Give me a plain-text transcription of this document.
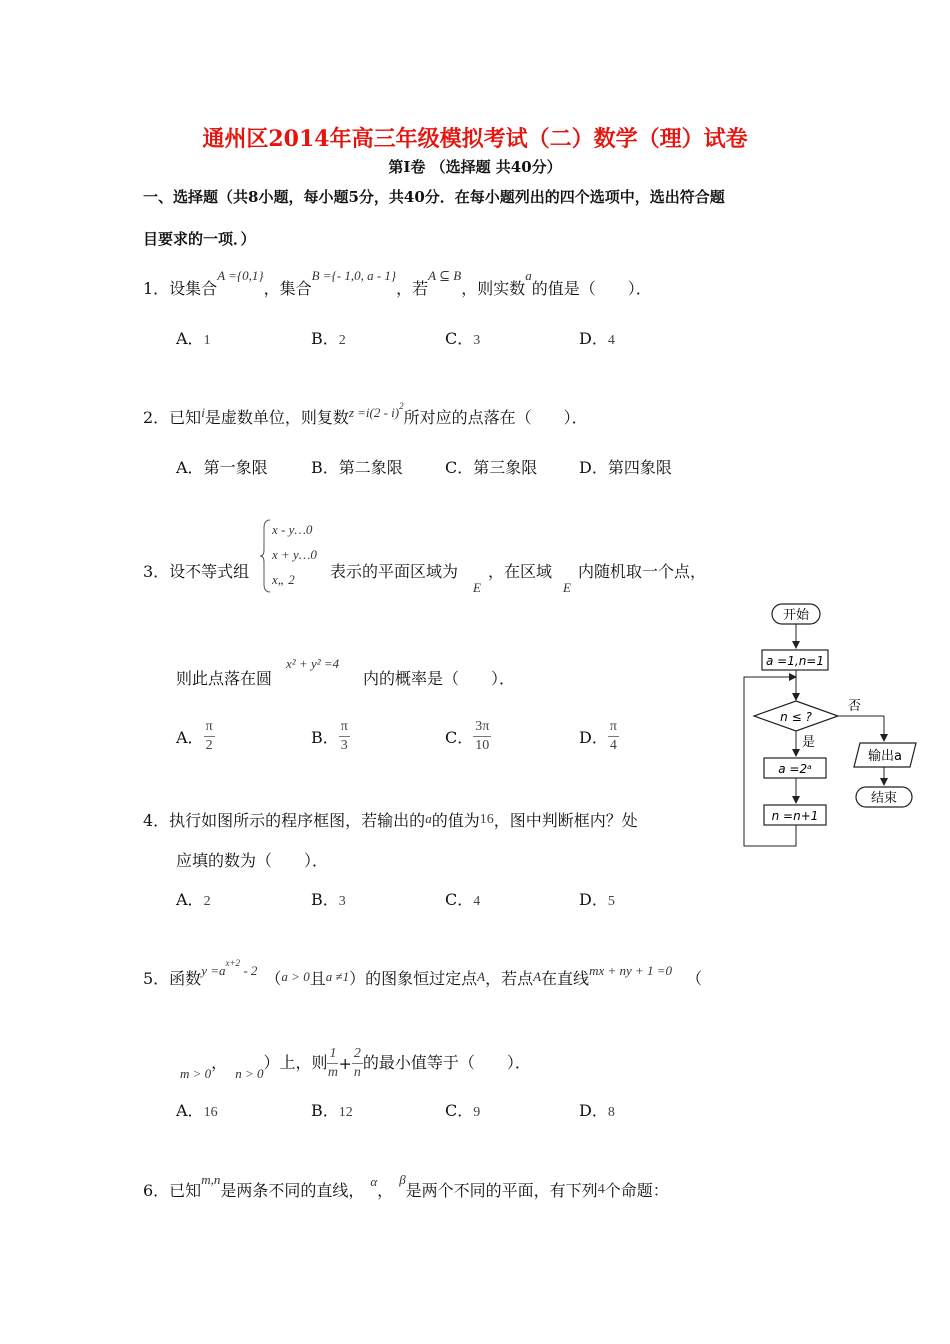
通州区2014年高三年级模拟考试（二）数学（理）试卷
第I卷 （选择题 共40分）
一、选择题（共8小题，每小题5分，共40分．在每小题列出的四个选项中，选出符合题
目要求的一项．）
1．设集合$^{A =\{0,1\}}$，集合$^{B =\{- 1,0, a - 1\}}$，若$^{A ⊆ B}$，则实数$^a$的值是（　　）．
A．1	B．2	C．3	D．4
2．已知$^i$是虚数单位，则复数$^{z =i(2 - i)2}$所对应的点落在（　　）．
A．第一象限	B．第二象限	C．第三象限	D．第四象限
3．设不等式组
x - y…0
x + y…0
x„ 2 表示的平面区域为
E
，在区域
E
内随机取一个点，
则此点落在圆
x² + y² =4
内的概率是（　　）．
A． $\frac{\pi}{2}$	B． $\frac{\pi}{3}$	C． $\frac{3\pi}{10}$	D． $\frac{\pi}{4}$
开始
a =1,n=1
n ≤ ?
否
是
a =2ᵃ
n =n+1
输出a
结束
4．执行如图所示的程序框图，若输出的a的值为16，图中判断框内？处
应填的数为（　　）．
A．2	B．3	C．4	D．5
5．函数$^{y =ax+2}$ $^{- 2}$ （a > 0且a ≠1）的图象恒过定点A，若点A在直线$^{mx + ny + 1 =0}$ （
$_{m > 0}$，$_{n > 0}$）上，则 $\frac{1}{m} + \frac{2}{n}$ 的最小值等于（　　）．
A．16	B．12	C．9	D．8
6．已知$^{m,n}$是两条不同的直线， $^\alpha$，$^\beta$是两个不同的平面，有下列4个命题：
